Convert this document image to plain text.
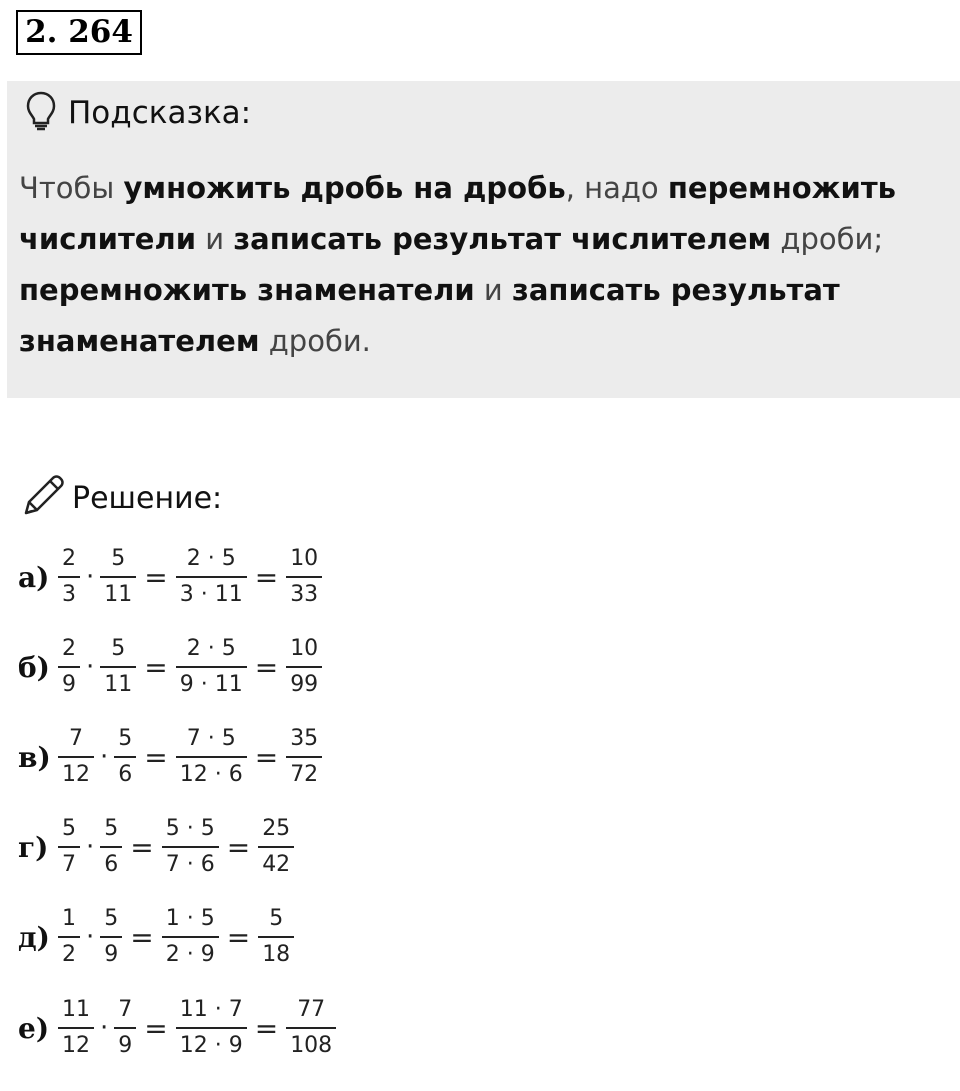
2. 264
Подсказка:
Чтобы умножить дробь на дробь, надо перемножить числители и записать результат числителем дроби; перемножить знаменатели и записать результат знаменателем дроби.
Решение:
$а) \frac{2}{3} \cdot \frac{5}{11} = \frac{2 \cdot 5}{3 \cdot 11} = \frac{10}{33}$
$б) \frac{2}{9} \cdot \frac{5}{11} = \frac{2 \cdot 5}{9 \cdot 11} = \frac{10}{99}$
$в) \frac{7}{12} \cdot \frac{5}{6} = \frac{7 \cdot 5}{12 \cdot 6} = \frac{35}{72}$
$г) \frac{5}{7} \cdot \frac{5}{6} = \frac{5 \cdot 5}{7 \cdot 6} = \frac{25}{42}$
$д) \frac{1}{2} \cdot \frac{5}{9} = \frac{1 \cdot 5}{2 \cdot 9} = \frac{5}{18}$
$е) \frac{11}{12} \cdot \frac{7}{9} = \frac{11 \cdot 7}{12 \cdot 9} = \frac{77}{108}$
